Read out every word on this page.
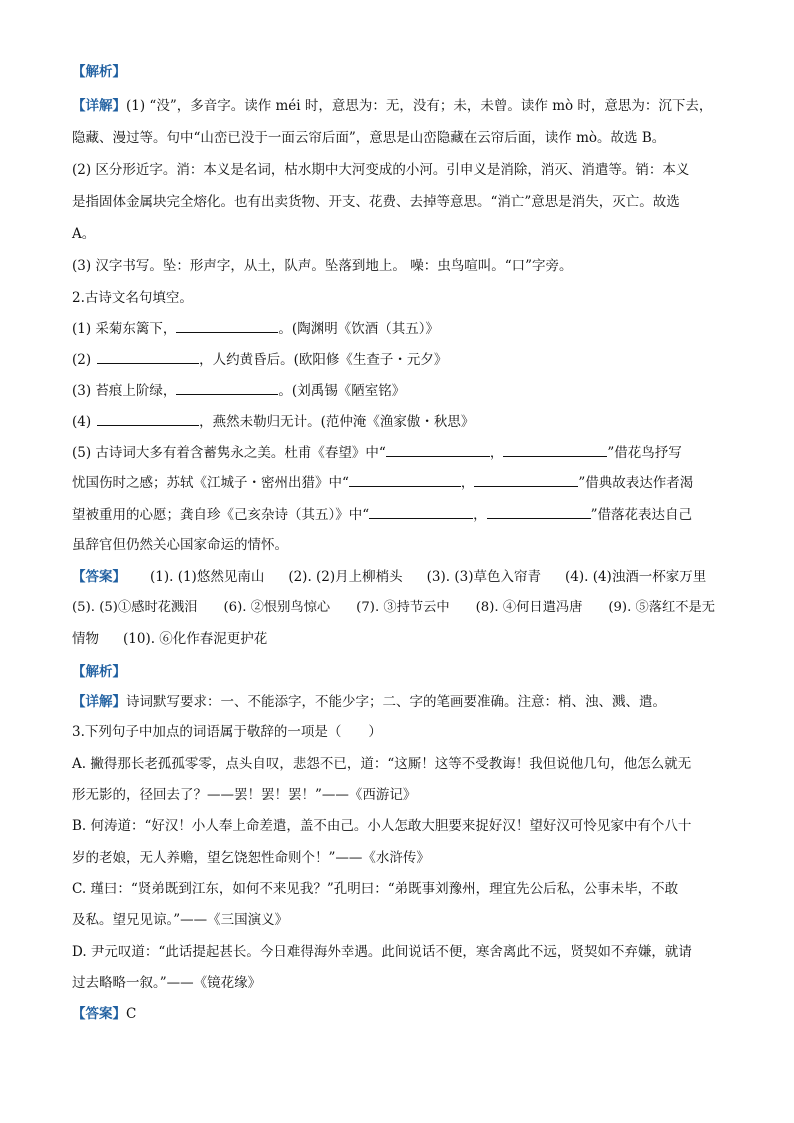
【解析】
【详解】(1) “没”，多音字。读作 méi 时，意思为：无，没有；未，未曾。读作 mò 时，意思为：沉下去，
隐藏、漫过等。句中“山峦已没于一面云帘后面”，意思是山峦隐藏在云帘后面，读作 mò。故选 B。
(2) 区分形近字。消：本义是名词，枯水期中大河变成的小河。引申义是消除，消灭、消遣等。销：本义
是指固体金属块完全熔化。也有出卖货物、开支、花费、去掉等意思。“消亡”意思是消失，灭亡。故选
A。
(3) 汉字书写。坠：形声字，从土，队声。坠落到地上。 噪：虫鸟喧叫。“口”字旁。
2.古诗文名句填空。
(1) 采菊东篱下，	。(陶渊明《饮酒（其五）》
(2)	，人约黄昏后。(欧阳修《生查子・元夕》
(3) 苔痕上阶绿，	。(刘禹锡《陋室铭》
(4)	，燕然未勒归无计。(范仲淹《渔家傲・秋思》
(5) 古诗词大多有着含蓄隽永之美。杜甫《春望》中“	，	”借花鸟抒写
忧国伤时之感；苏轼《江城子・密州出猎》中“	，	”借典故表达作者渴
望被重用的心愿；龚自珍《己亥杂诗（其五）》中“	，	”借落花表达自己
虽辞官但仍然关心国家命运的情怀。
【答案】 (1). (1)悠然见南山 (2). (2)月上柳梢头 (3). (3)草色入帘青 (4). (4)浊酒一杯家万里
(5). (5)①感时花溅泪 (6). ②恨别鸟惊心 (7). ③持节云中 (8). ④何日遣冯唐 (9). ⑤落红不是无
情物 (10). ⑥化作春泥更护花
【解析】
【详解】诗词默写要求：一、不能添字，不能少字；二、字的笔画要准确。注意：梢、浊、溅、遣。
3.下列句子中加点的词语属于敬辞的一项是（　　）
A. 撇得那长老孤孤零零，点头自叹，悲怨不已，道：“这厮！这等不受教诲！我但说他几句，他怎么就无
形无影的，径回去了？——罢！罢！罢！”——《西游记》
B. 何涛道：“好汉！小人奉上命差遣，盖不由己。小人怎敢大胆要来捉好汉！望好汉可怜见家中有个八十
岁的老娘，无人养赡，望乞饶恕性命则个！”——《水浒传》
C. 瑾曰：“贤弟既到江东，如何不来见我？”孔明曰：“弟既事刘豫州，理宜先公后私，公事未毕，不敢
及私。望兄见谅。”——《三国演义》
D. 尹元叹道：“此话提起甚长。今日难得海外幸遇。此间说话不便，寒舍离此不远，贤契如不弃嫌，就请
过去略略一叙。”——《镜花缘》
【答案】C
